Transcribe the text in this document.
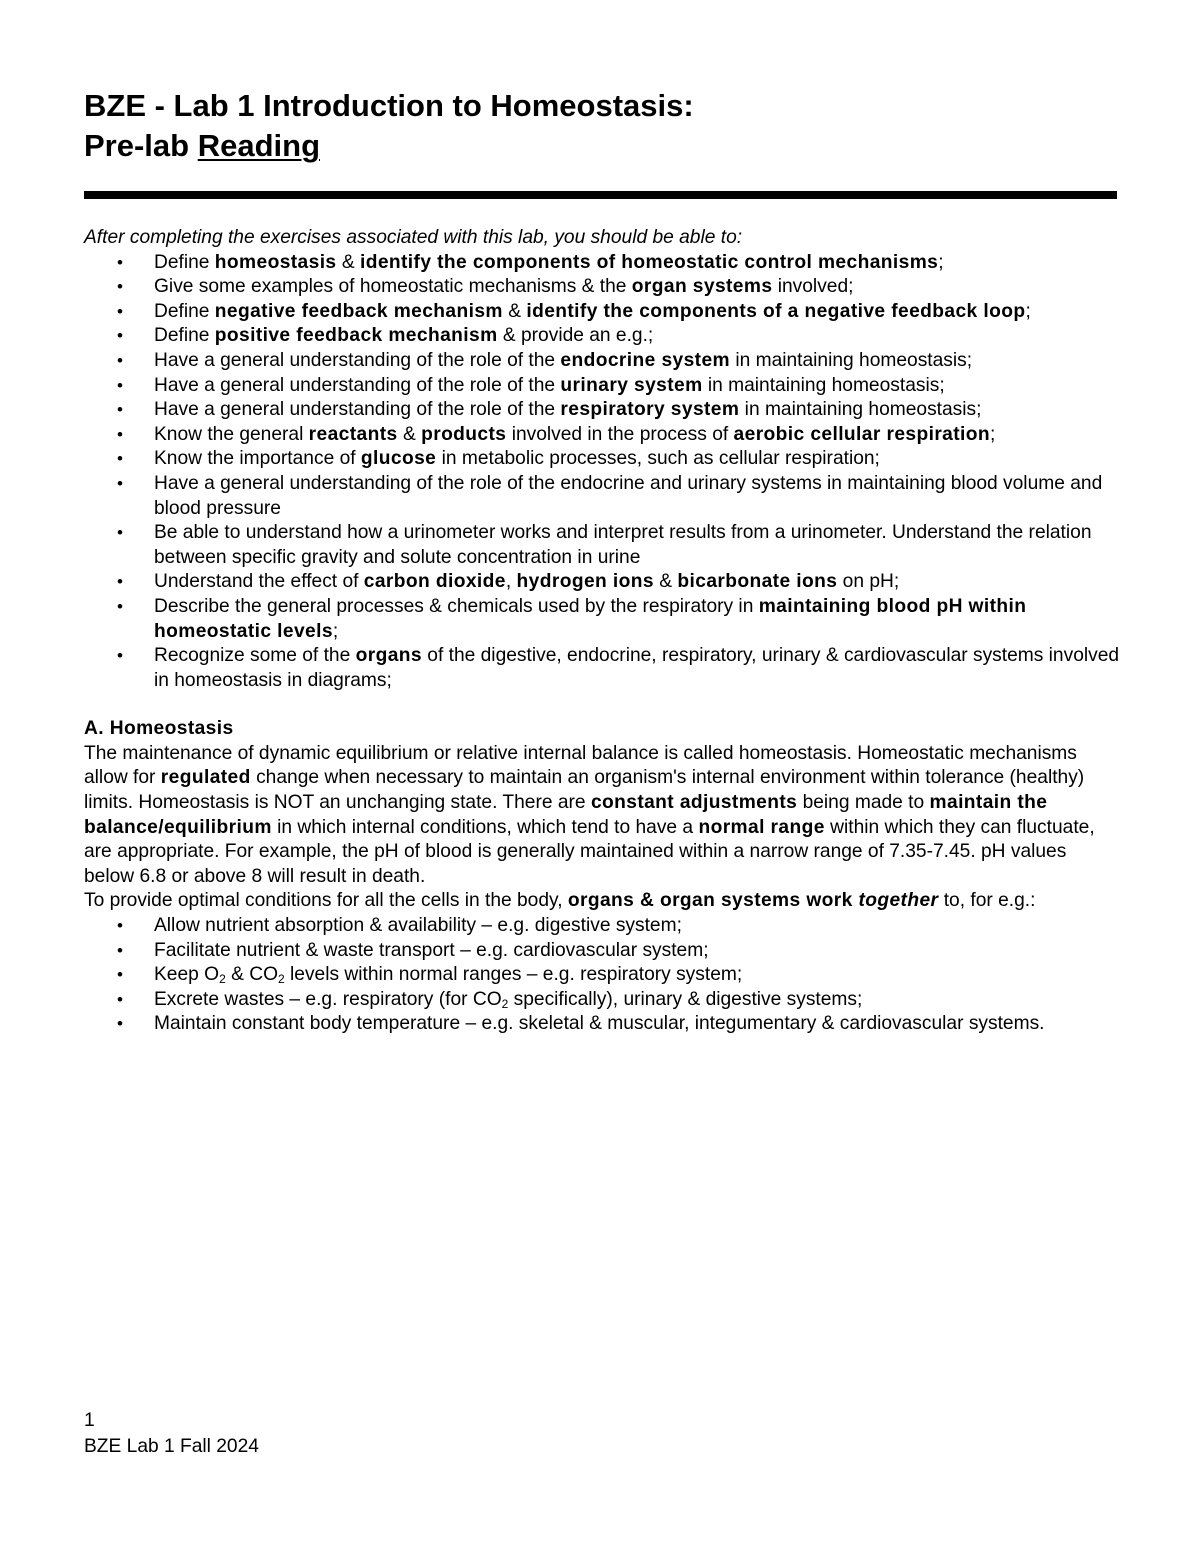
BZE - Lab 1 Introduction to Homeostasis:
Pre-lab Reading

After completing the exercises associated with this lab, you should be able to:

• Define homeostasis & identify the components of homeostatic control mechanisms;
• Give some examples of homeostatic mechanisms & the organ systems involved;
• Define negative feedback mechanism & identify the components of a negative feedback loop;
• Define positive feedback mechanism & provide an e.g.;
• Have a general understanding of the role of the endocrine system in maintaining homeostasis;
• Have a general understanding of the role of the urinary system in maintaining homeostasis;
• Have a general understanding of the role of the respiratory system in maintaining homeostasis;
• Know the general reactants & products involved in the process of aerobic cellular respiration;
• Know the importance of glucose in metabolic processes, such as cellular respiration;
• Have a general understanding of the role of the endocrine and urinary systems in maintaining blood volume and blood pressure
• Be able to understand how a urinometer works and interpret results from a urinometer. Understand the relation between specific gravity and solute concentration in urine
• Understand the effect of carbon dioxide, hydrogen ions & bicarbonate ions on pH;
• Describe the general processes & chemicals used by the respiratory in maintaining blood pH within homeostatic levels;
• Recognize some of the organs of the digestive, endocrine, respiratory, urinary & cardiovascular systems involved in homeostasis in diagrams;

A. Homeostasis

The maintenance of dynamic equilibrium or relative internal balance is called homeostasis. Homeostatic mechanisms allow for regulated change when necessary to maintain an organism's internal environment within tolerance (healthy) limits. Homeostasis is NOT an unchanging state. There are constant adjustments being made to maintain the balance/equilibrium in which internal conditions, which tend to have a normal range within which they can fluctuate, are appropriate. For example, the pH of blood is generally maintained within a narrow range of 7.35-7.45. pH values below 6.8 or above 8 will result in death.

To provide optimal conditions for all the cells in the body, organs & organ systems work together to, for e.g.:

• Allow nutrient absorption & availability – e.g. digestive system;
• Facilitate nutrient & waste transport – e.g. cardiovascular system;
• Keep $O_2$ & $CO_2$ levels within normal ranges – e.g. respiratory system;
• Excrete wastes – e.g. respiratory (for $CO_2$ specifically), urinary & digestive systems;
• Maintain constant body temperature – e.g. skeletal & muscular, integumentary & cardiovascular systems.
1
BZE Lab 1 Fall 2024
